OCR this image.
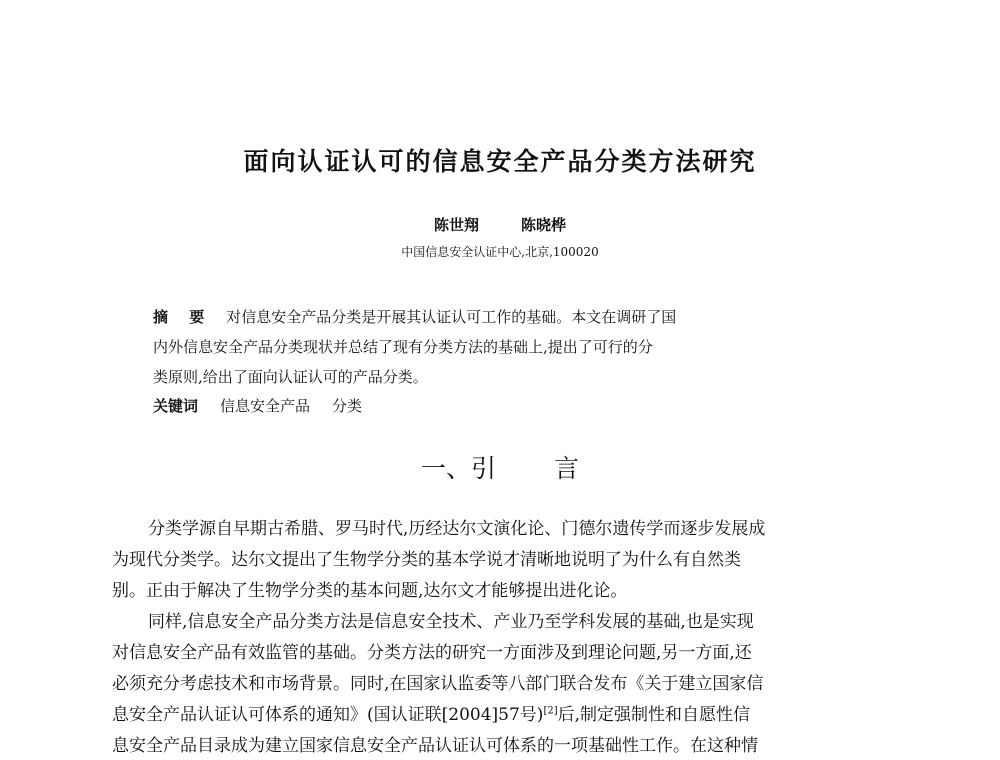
面向认证认可的信息安全产品分类方法研究
陈世翔	陈晓桦
中国信息安全认证中心,北京,100020
摘 要 对信息安全产品分类是开展其认证认可工作的基础。本文在调研了国
内外信息安全产品分类现状并总结了现有分类方法的基础上,提出了可行的分
类原则,给出了面向认证认可的产品分类。
关键词 信息安全产品 分类
一、引 言
分类学源自早期古希腊、罗马时代,历经达尔文演化论、门德尔遗传学而逐步发展成
为现代分类学。达尔文提出了生物学分类的基本学说才清晰地说明了为什么有自然类
别。正由于解决了生物学分类的基本问题,达尔文才能够提出进化论。
同样,信息安全产品分类方法是信息安全技术、产业乃至学科发展的基础,也是实现
对信息安全产品有效监管的基础。分类方法的研究一方面涉及到理论问题,另一方面,还
必须充分考虑技术和市场背景。同时,在国家认监委等八部门联合发布《关于建立国家信
息安全产品认证认可体系的通知》(国认证联[2004]57号)[2]后,制定强制性和自愿性信
息安全产品目录成为建立国家信息安全产品认证认可体系的一项基础性工作。在这种情
